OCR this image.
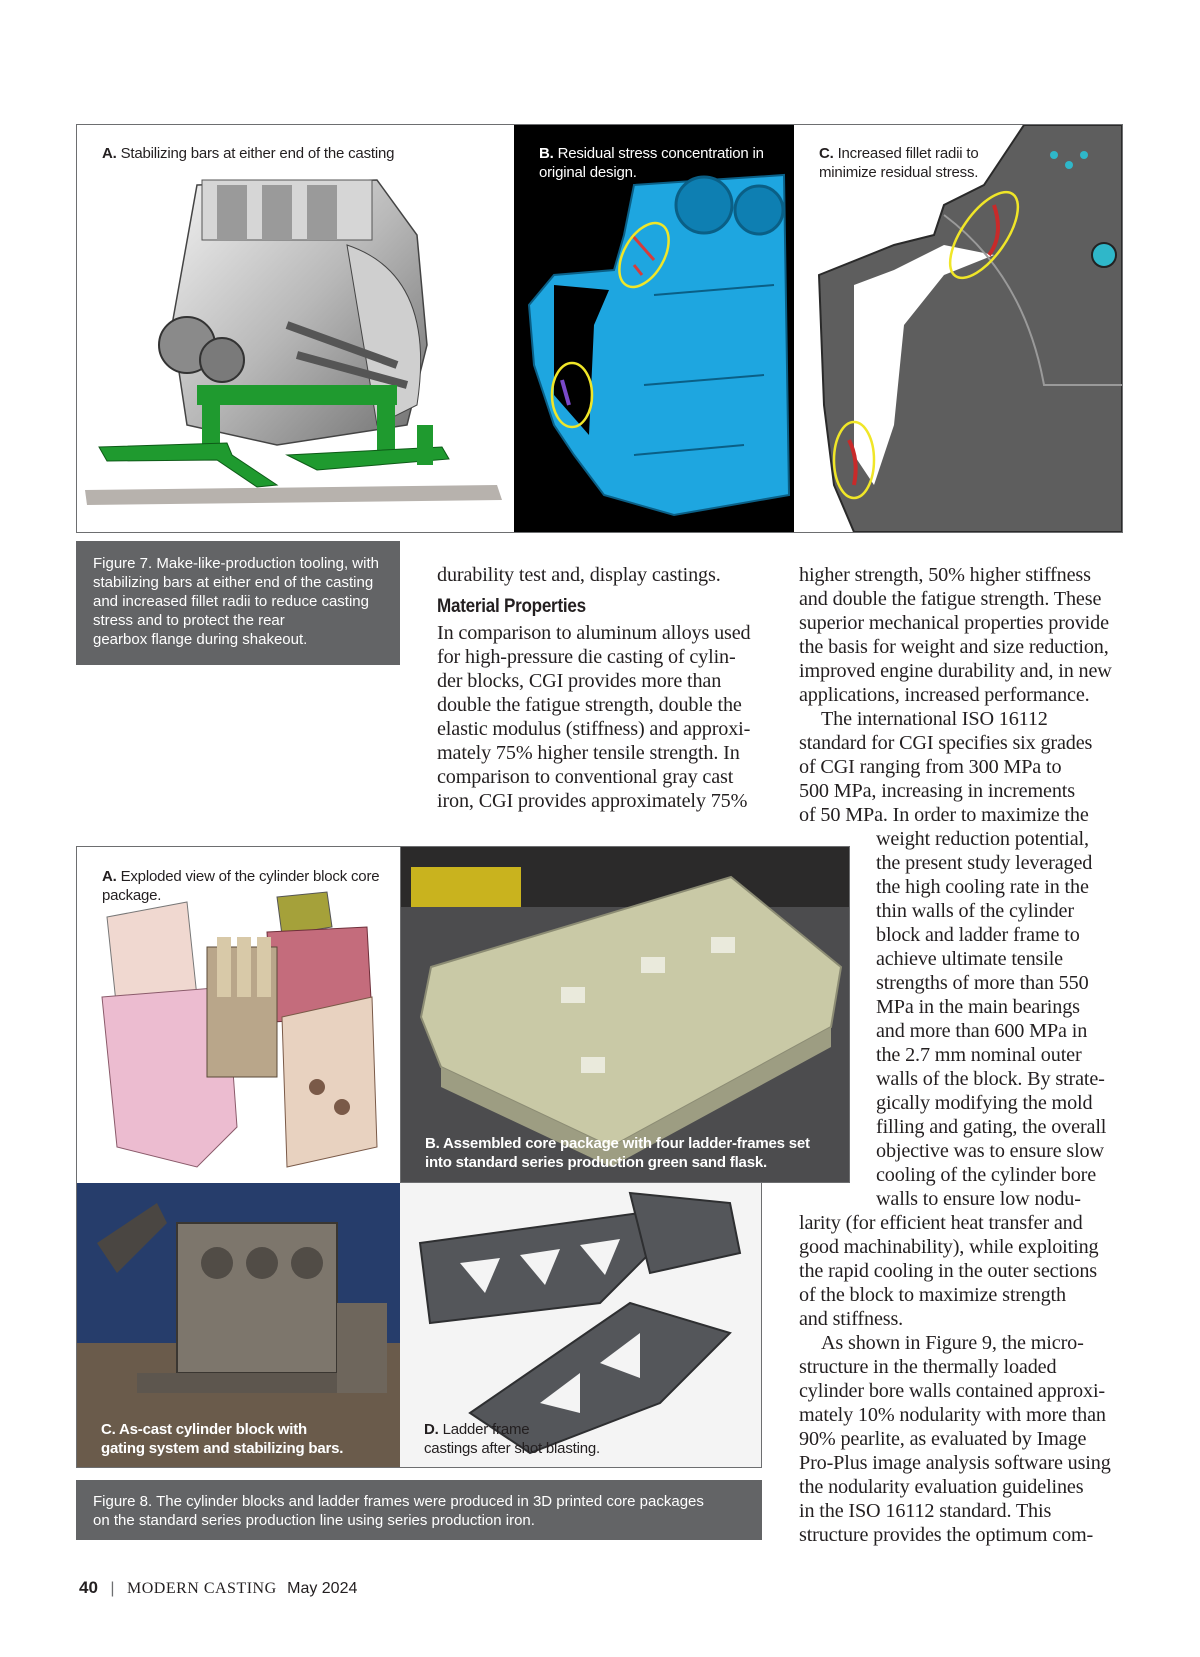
A. Stabilizing bars at either end of the casting	B. Residual stress concentration in
original design.
C. Increased fillet radii to
minimize residual stress.
Figure 7. Make-like-production tooling, with
stabilizing bars at either end of the casting
and increased fillet radii to reduce casting
stress and to protect the rear
gearbox flange during shakeout.
durability test and, display castings.
Material Properties
In comparison to aluminum alloys used
for high-pressure die casting of cylin-
der blocks, CGI provides more than
double the fatigue strength, double the
elastic modulus (stiffness) and approxi-
mately 75% higher tensile strength. In
comparison to conventional gray cast
iron, CGI provides approximately 75%
higher strength, 50% higher stiffness
and double the fatigue strength. These
superior mechanical properties provide
the basis for weight and size reduction,
improved engine durability and, in new
applications, increased performance.
The international ISO 16112
standard for CGI specifies six grades
of CGI ranging from 300 MPa to
500 MPa, increasing in increments
of 50 MPa. In order to maximize the
weight reduction potential,
the present study leveraged
the high cooling rate in the
thin walls of the cylinder
block and ladder frame to
achieve ultimate tensile
strengths of more than 550
MPa in the main bearings
and more than 600 MPa in
the 2.7 mm nominal outer
walls of the block. By strate-
gically modifying the mold
filling and gating, the overall
objective was to ensure slow
cooling of the cylinder bore
walls to ensure low nodu-
larity (for efficient heat transfer and
good machinability), while exploiting
the rapid cooling in the outer sections
of the block to maximize strength
and stiffness.
As shown in Figure 9, the micro-
structure in the thermally loaded
cylinder bore walls contained approxi-
mately 10% nodularity with more than
90% pearlite, as evaluated by Image
Pro-Plus image analysis software using
the nodularity evaluation guidelines
in the ISO 16112 standard. This
structure provides the optimum com-
A. Exploded view of the cylinder block core
package.
B. Assembled core package with four ladder-frames set
into standard series production green sand flask.
C. As-cast cylinder block with
gating system and stabilizing bars.
D. Ladder frame
castings after shot blasting.
Figure 8. The cylinder blocks and ladder frames were produced in 3D printed core packages
on the standard series production line using series production iron.
40 | MODERN CASTING May 2024
